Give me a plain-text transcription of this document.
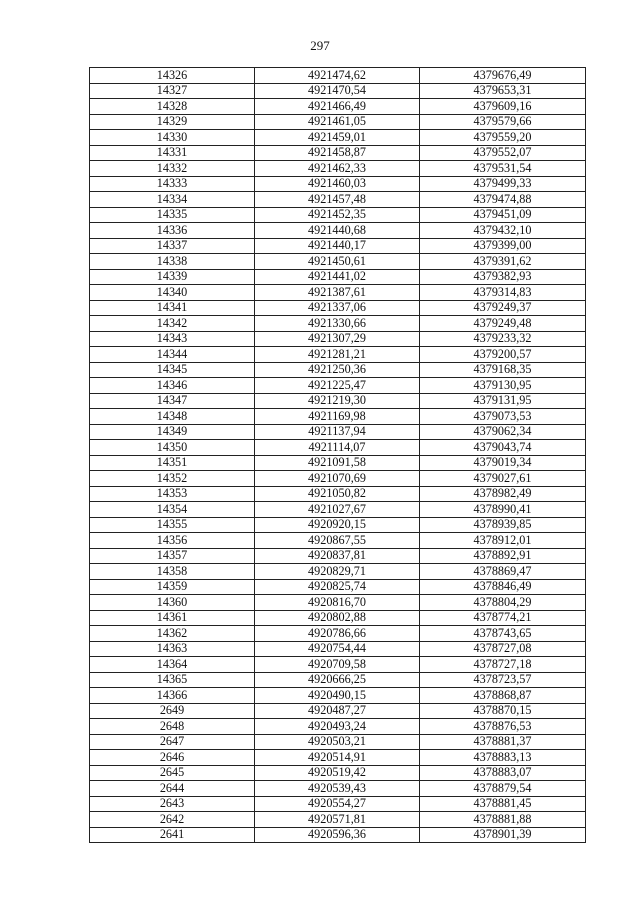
297
14326	4921474,62	4379676,49
14327	4921470,54	4379653,31
14328	4921466,49	4379609,16
14329	4921461,05	4379579,66
14330	4921459,01	4379559,20
14331	4921458,87	4379552,07
14332	4921462,33	4379531,54
14333	4921460,03	4379499,33
14334	4921457,48	4379474,88
14335	4921452,35	4379451,09
14336	4921440,68	4379432,10
14337	4921440,17	4379399,00
14338	4921450,61	4379391,62
14339	4921441,02	4379382,93
14340	4921387,61	4379314,83
14341	4921337,06	4379249,37
14342	4921330,66	4379249,48
14343	4921307,29	4379233,32
14344	4921281,21	4379200,57
14345	4921250,36	4379168,35
14346	4921225,47	4379130,95
14347	4921219,30	4379131,95
14348	4921169,98	4379073,53
14349	4921137,94	4379062,34
14350	4921114,07	4379043,74
14351	4921091,58	4379019,34
14352	4921070,69	4379027,61
14353	4921050,82	4378982,49
14354	4921027,67	4378990,41
14355	4920920,15	4378939,85
14356	4920867,55	4378912,01
14357	4920837,81	4378892,91
14358	4920829,71	4378869,47
14359	4920825,74	4378846,49
14360	4920816,70	4378804,29
14361	4920802,88	4378774,21
14362	4920786,66	4378743,65
14363	4920754,44	4378727,08
14364	4920709,58	4378727,18
14365	4920666,25	4378723,57
14366	4920490,15	4378868,87
2649	4920487,27	4378870,15
2648	4920493,24	4378876,53
2647	4920503,21	4378881,37
2646	4920514,91	4378883,13
2645	4920519,42	4378883,07
2644	4920539,43	4378879,54
2643	4920554,27	4378881,45
2642	4920571,81	4378881,88
2641	4920596,36	4378901,39
